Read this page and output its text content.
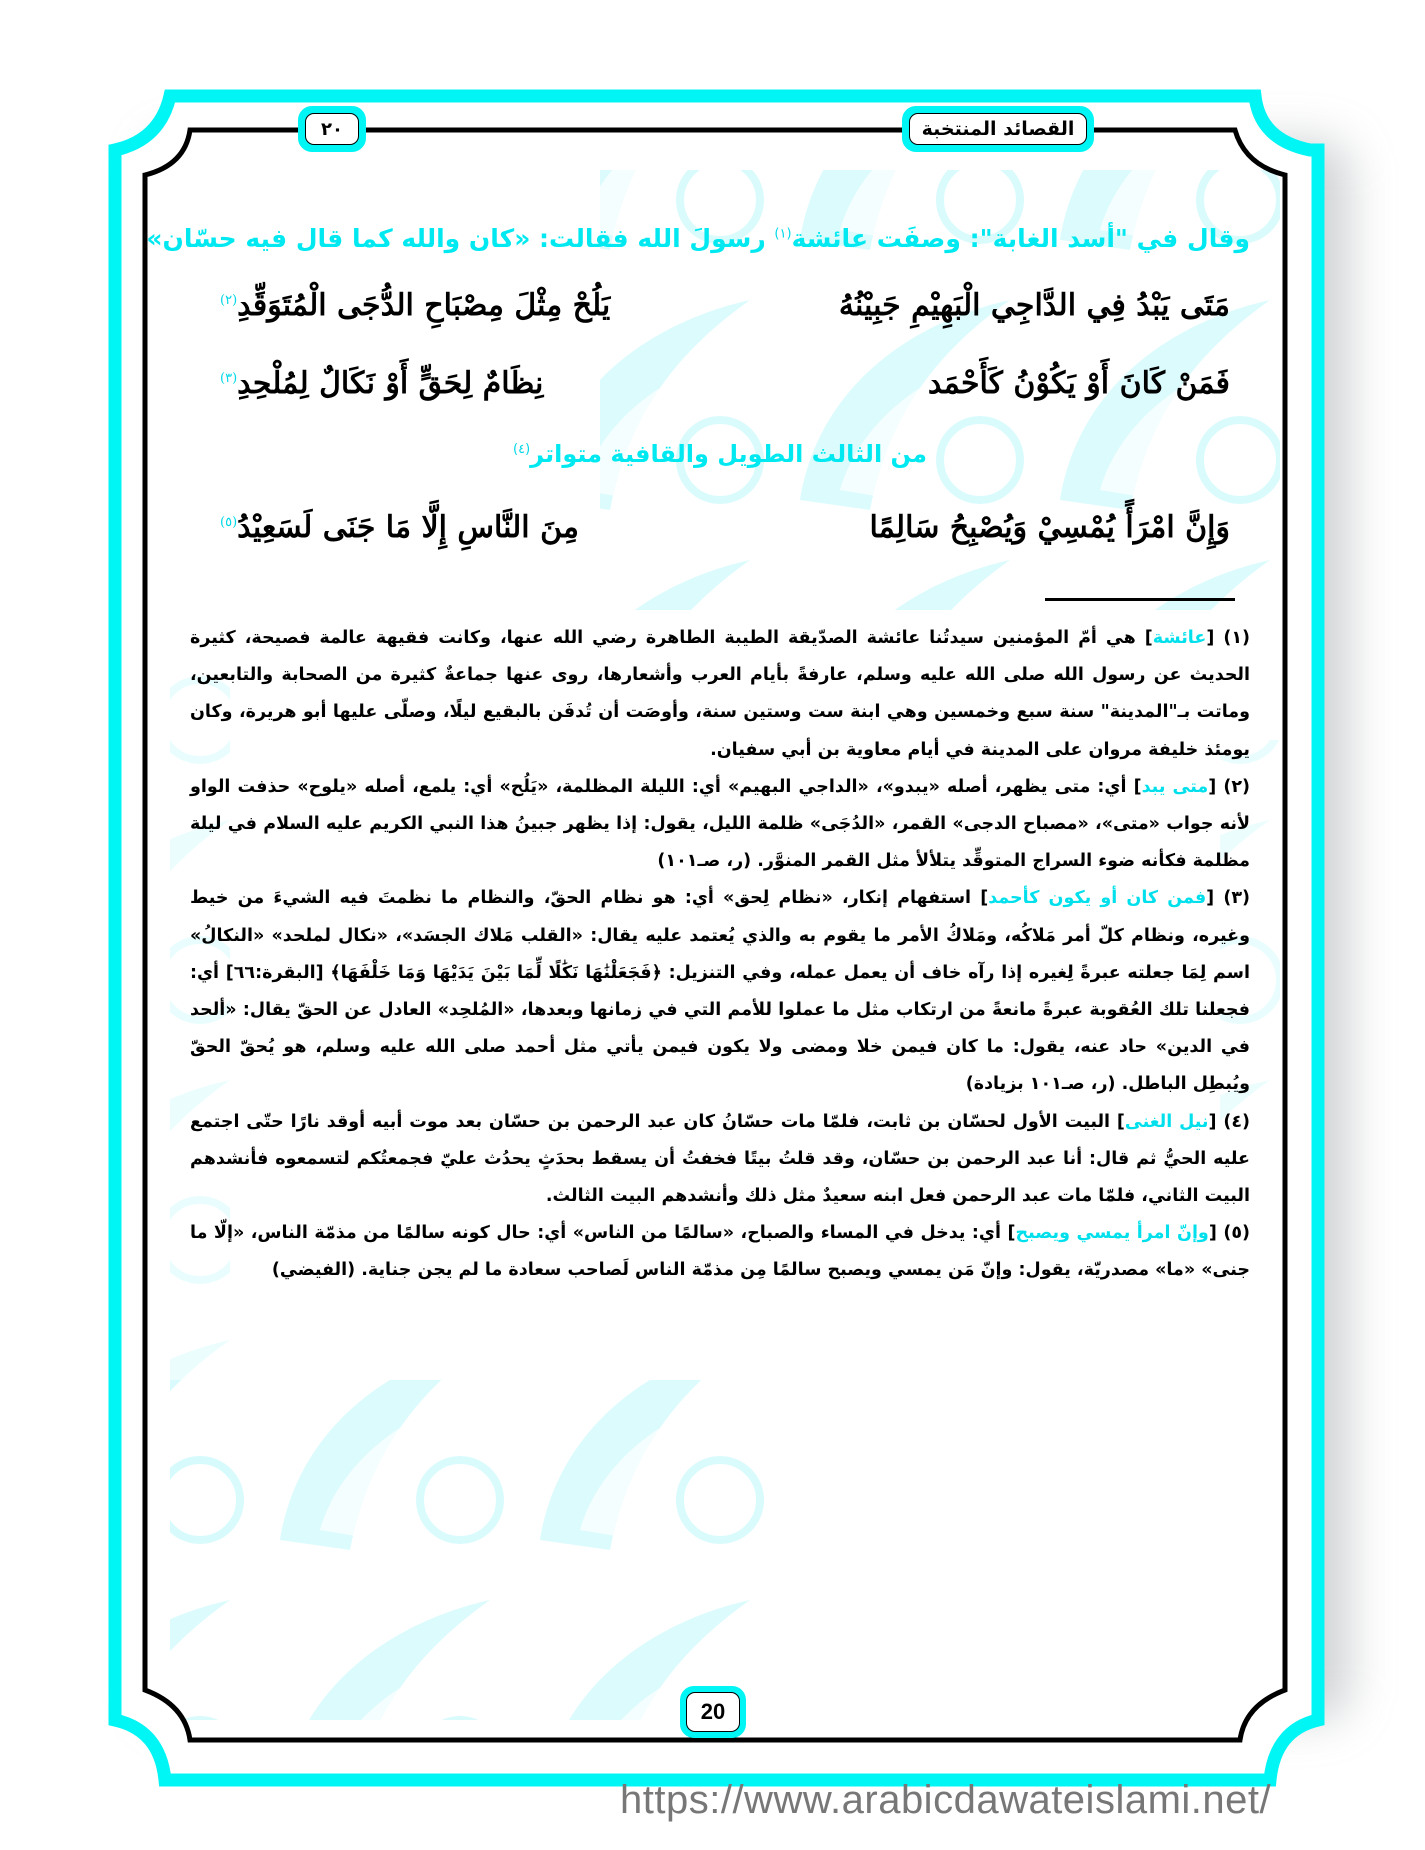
القصائد المنتخبة
٢٠
وقال في "أسد الغابة": وصفَت عائشة$^{(١)}$ رسولَ الله فقالت: «كان والله كما قال فيه حسّان»
مَتَى يَبْدُ فِي الدَّاجِي الْبَهِيْمِ جَبِيْنُهُ
يَلُحْ مِثْلَ مِصْبَاحِ الدُّجَى الْمُتَوَقِّدِ$^{(٢)}$
فَمَنْ كَانَ أَوْ يَكُوْنُ كَأَحْمَد
نِظَامٌ لِحَقٍّ أَوْ نَكَالٌ لِمُلْحِدِ$^{(٣)}$
من الثالث الطويل والقافية متواتر$^{(٤)}$
وَإِنَّ امْرَأً يُمْسِيْ وَيُصْبِحُ سَالِمًا
مِنَ النَّاسِ إِلَّا مَا جَنَى لَسَعِيْدُ$^{(٥)}$

(١) [عائشة] هي أمّ المؤمنين سيدتُنا عائشة الصدّيقة الطيبة الطاهرة رضي الله عنها، وكانت فقيهة عالمة فصيحة، كثيرة الحديث عن رسول الله صلى الله عليه وسلم، عارفةً بأيام العرب وأشعارها، روى عنها جماعةٌ كثيرة من الصحابة والتابعين، وماتت بـ"المدينة" سنة سبع وخمسين وهي ابنة ست وستين سنة، وأوصَت أن تُدفَن بالبقيع ليلًا، وصلّى عليها أبو هريرة، وكان يومئذ خليفة مروان على المدينة في أيام معاوية بن أبي سفيان.

(٢) [متى يبد] أي: متى يظهر، أصله «يبدو»، «الداجي البهيم» أي: الليلة المظلمة، «يَلُح» أي: يلمع، أصله «يلوح» حذفت الواو لأنه جواب «متى»، «مصباح الدجى» القمر، «الدُجَى» ظلمة الليل، يقول: إذا يظهر جبينُ هذا النبي الكريم عليه السلام في ليلة مظلمة فكأنه ضوء السراج المتوقِّد يتلألأ مثل القمر المنوَّر. (ر، صـ١٠١)

(٣) [فمن كان أو يكون كأحمد] استفهام إنكار، «نظام لِحق» أي: هو نظام الحقّ، والنظام ما نظمتَ فيه الشيءَ من خيط وغيره، ونظام كلّ أمر مَلاكُه، ومَلاكُ الأمر ما يقوم به والذي يُعتمد عليه يقال: «القلب مَلاك الجسَد»، «نكال لملحد» «النكالُ» اسم لِمَا جعلته عبرةً لِغيره إذا رآه خاف أن يعمل عمله، وفي التنزيل: ﴿فَجَعَلْنَٰهَا نَكَٰلًا لِّمَا بَيْنَ يَدَيْهَا وَمَا خَلْفَهَا﴾ [البقرة:٦٦] أي: فجعلنا تلك العُقوبة عبرةً مانعةً من ارتكاب مثل ما عملوا للأمم التي في زمانها وبعدها، «المُلحِد» العادل عن الحقّ يقال: «ألحد في الدين» حاد عنه، يقول: ما كان فيمن خلا ومضى ولا يكون فيمن يأتي مثل أحمد صلى الله عليه وسلم، هو يُحقّ الحقّ ويُبطِل الباطل. (ر، صـ١٠١ بزيادة)

(٤) [نيل الغنى] البيت الأول لحسّان بن ثابت، فلمّا مات حسّانُ كان عبد الرحمن بن حسّان بعد موت أبيه أوقد نارًا حتّى اجتمع عليه الحيُّ ثم قال: أنا عبد الرحمن بن حسّان، وقد قلتُ بيتًا فخفتُ أن يسقط بحدَثٍ يحدُث عليّ فجمعتُكم لتسمعوه فأنشدهم البيت الثاني، فلمّا مات عبد الرحمن فعل ابنه سعيدٌ مثل ذلك وأنشدهم البيت الثالث.

(٥) [وإنّ امرأ يمسي ويصبح] أي: يدخل في المساء والصباح، «سالمًا من الناس» أي: حال كونه سالمًا من مذمّة الناس، «إلّا ما جنى» «ما» مصدريّة، يقول: وإنّ مَن يمسي ويصبح سالمًا مِن مذمّة الناس لَصاحب سعادة ما لم يجن جناية. (الفيضي)

20
https://www.arabicdawateislami.net/
